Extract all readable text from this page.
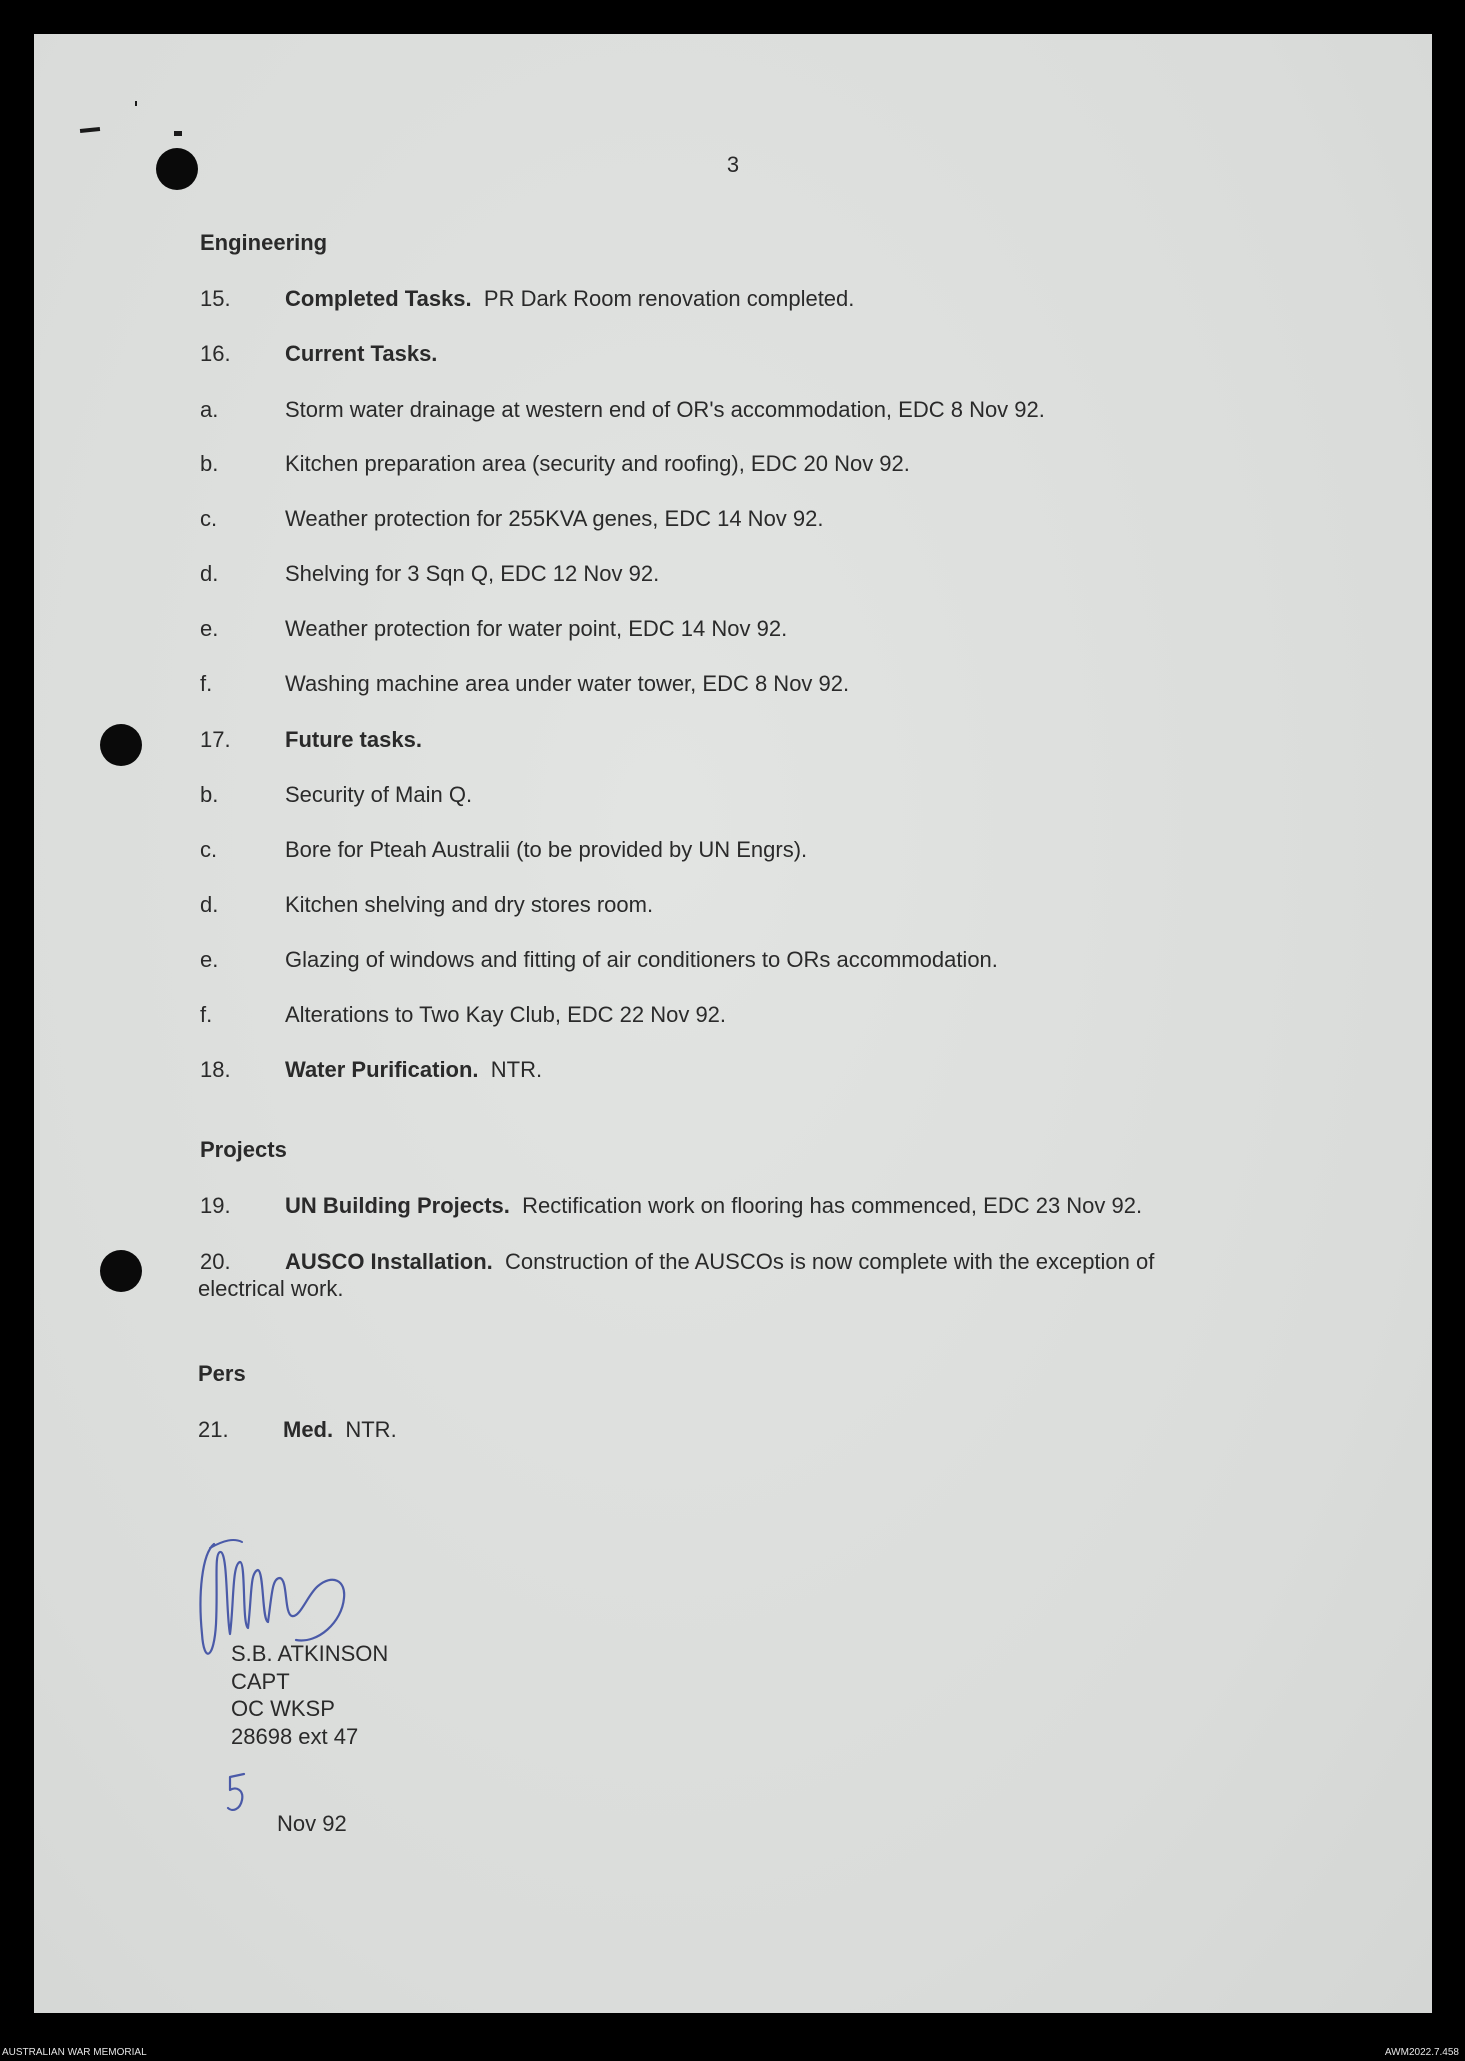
3
Engineering
15. Completed Tasks. PR Dark Room renovation completed.
16. Current Tasks.
a.	Storm water drainage at western end of OR's accommodation, EDC 8 Nov 92.
b.	Kitchen preparation area (security and roofing), EDC 20 Nov 92.
c.	Weather protection for 255KVA genes, EDC 14 Nov 92.
d.	Shelving for 3 Sqn Q, EDC 12 Nov 92.
e.	Weather protection for water point, EDC 14 Nov 92.
f.	Washing machine area under water tower, EDC 8 Nov 92.
17. Future tasks.
b.	Security of Main Q.
c.	Bore for Pteah Australii (to be provided by UN Engrs).
d.	Kitchen shelving and dry stores room.
e.	Glazing of windows and fitting of air conditioners to ORs accommodation.
f.	Alterations to Two Kay Club, EDC 22 Nov 92.
18. Water Purification. NTR.
Projects
19. UN Building Projects. Rectification work on flooring has commenced, EDC 23 Nov 92.
20. AUSCO Installation. Construction of the AUSCOs is now complete with the exception of
electrical work.
Pers
21. Med. NTR.
S.B. ATKINSON
CAPT
OC WKSP
28698 ext 47
Nov 92
AUSTRALIAN WAR MEMORIAL	AWM2022.7.458
